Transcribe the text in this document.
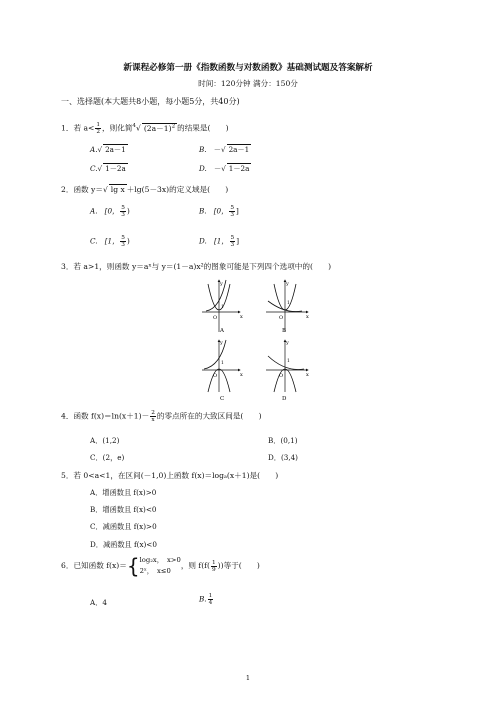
新课程必修第一册《指数函数与对数函数》基础测试题及答案解析
时间：120分钟 满分：150分
一、选择题(本大题共8小题，每小题5分，共40分)
1．若 $a< \frac{1}{2}$ ，则化简$^4$√ $(2a-1)^2$ 的结果是(　　)
A.√ 2a－1	B.　 －√ 2a－1
C.√ 1－2a	D.　 －√ 1－2a
2．函数 y＝√ lg x ＋lg(5－3x)的定义域是(　　)
A.　[0， $\frac{5}{3}$ )	B.　[0， $\frac{5}{3}$ ]
C.　[1， $\frac{5}{3}$ )	D.　[1， $\frac{5}{3}$ ]
3．若 a>1，则函数 y＝aˣ与 y＝(1－a)x²的图象可能是下列四个选项中的(　　)
y
x
O
1
A
y
x
O
1
B
y
x
O
1
C
y
x
O
1
D
4．函数 $f(x)=\ln(x+1)- \frac{2}{x}$ 的零点所在的大致区间是(　　)
A．(1,2)	B．(0,1)
C．(2，e)	D．(3,4)
5．若 0<a<1，在区间(－1,0)上函数 f(x)＝logₐ(x＋1)是(　　)
A．增函数且 f(x)>0
B．增函数且 f(x)<0
C．减函数且 f(x)>0
D．减函数且 f(x)<0
6．已知函数 f(x)＝{ log₂x，　x>0
2ˣ，　x≤0
，则 $f(f( \frac{1}{9}$ ))等于(　　)
A．4	B. $\frac{1}{4}$
1
